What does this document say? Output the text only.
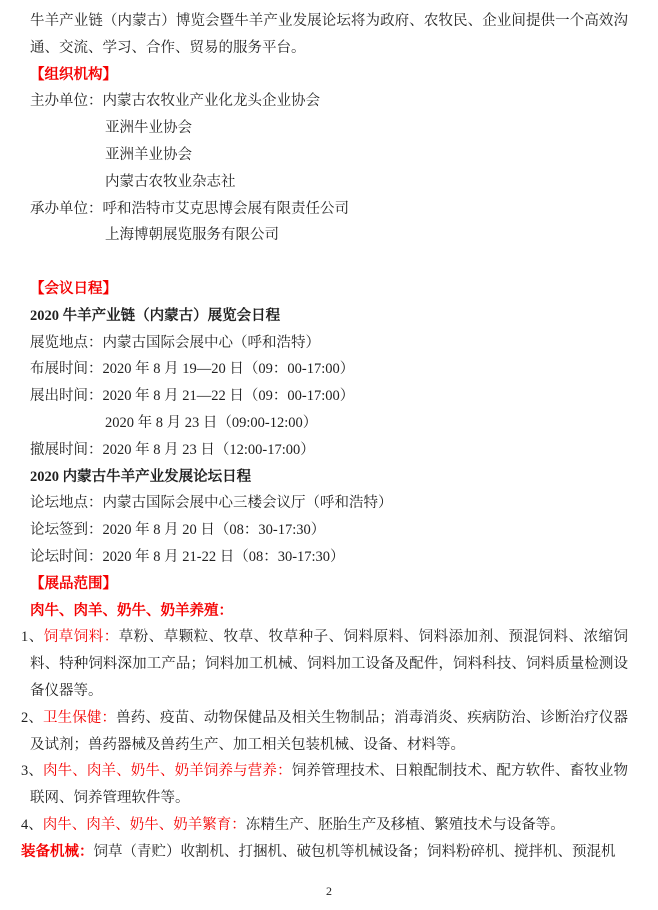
牛羊产业链（内蒙古）博览会暨牛羊产业发展论坛将为政府、农牧民、企业间提供一个高效沟通、交流、学习、合作、贸易的服务平台。

【组织机构】
主办单位：内蒙古农牧业产业化龙头企业协会
亚洲牛业协会
亚洲羊业协会
内蒙古农牧业杂志社
承办单位：呼和浩特市艾克思博会展有限责任公司
上海博朝展览服务有限公司
【会议日程】
2020 牛羊产业链（内蒙古）展览会日程
展览地点：内蒙古国际会展中心（呼和浩特）
布展时间：2020 年 8 月 19—20 日（09：00-17:00）
展出时间：2020 年 8 月 21—22 日（09：00-17:00）
2020 年 8 月 23 日（09:00-12:00）
撤展时间：2020 年 8 月 23 日（12:00-17:00）
2020 内蒙古牛羊产业发展论坛日程
论坛地点：内蒙古国际会展中心三楼会议厅（呼和浩特）
论坛签到：2020 年 8 月 20 日（08：30-17:30）
论坛时间：2020 年 8 月 21-22 日（08：30-17:30）
【展品范围】
肉牛、肉羊、奶牛、奶羊养殖：

1、饲草饲料：草粉、草颗粒、牧草、牧草种子、饲料原料、饲料添加剂、预混饲料、浓缩饲料、特种饲料深加工产品；饲料加工机械、饲料加工设备及配件，饲料科技、饲料质量检测设备仪器等。

2、卫生保健：兽药、疫苗、动物保健品及相关生物制品；消毒消炎、疾病防治、诊断治疗仪器及试剂；兽药器械及兽药生产、加工相关包装机械、设备、材料等。

3、肉牛、肉羊、奶牛、奶羊饲养与营养：饲养管理技术、日粮配制技术、配方软件、畜牧业物联网、饲养管理软件等。

4、肉牛、肉羊、奶牛、奶羊繁育：冻精生产、胚胎生产及移植、繁殖技术与设备等。

装备机械：饲草（青贮）收割机、打捆机、破包机等机械设备；饲料粉碎机、搅拌机、预混机

2
